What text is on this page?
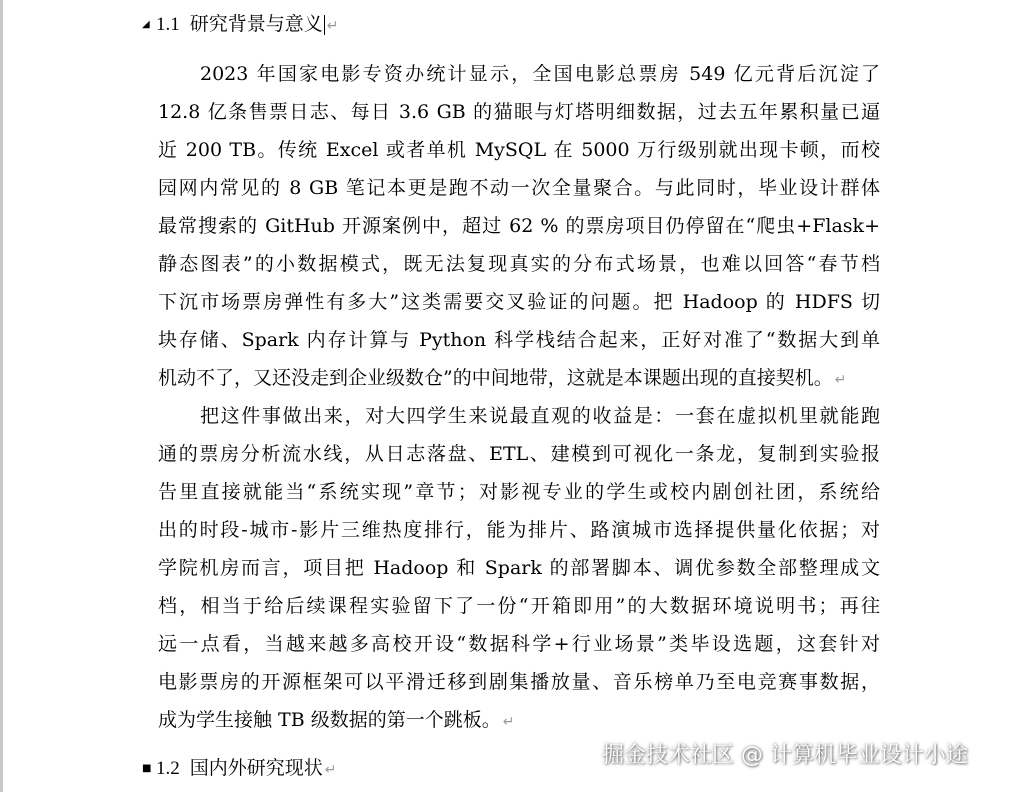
◢ 1.1 研究背景与意义 ↵
2023 年国家电影专资办统计显示，全国电影总票房 549 亿元背后沉淀了
12.8 亿条售票日志、每日 3.6 GB 的猫眼与灯塔明细数据，过去五年累积量已逼
近 200 TB。传统 Excel 或者单机 MySQL 在 5000 万行级别就出现卡顿，而校
园网内常见的 8 GB 笔记本更是跑不动一次全量聚合。与此同时，毕业设计群体
最常搜索的 GitHub 开源案例中，超过 62 % 的票房项目仍停留在“爬虫+Flask+
静态图表”的小数据模式，既无法复现真实的分布式场景，也难以回答“春节档
下沉市场票房弹性有多大”这类需要交叉验证的问题。把 Hadoop 的 HDFS 切
块存储、Spark 内存计算与 Python 科学栈结合起来，正好对准了“数据大到单
机动不了，又还没走到企业级数仓”的中间地带，这就是本课题出现的直接契机。 ↵
把这件事做出来，对大四学生来说最直观的收益是：一套在虚拟机里就能跑
通的票房分析流水线，从日志落盘、ETL、建模到可视化一条龙，复制到实验报
告里直接就能当“系统实现”章节；对影视专业的学生或校内剧创社团，系统给
出的时段-城市-影片三维热度排行，能为排片、路演城市选择提供量化依据；对
学院机房而言，项目把 Hadoop 和 Spark 的部署脚本、调优参数全部整理成文
档，相当于给后续课程实验留下了一份“开箱即用”的大数据环境说明书；再往
远一点看，当越来越多高校开设“数据科学+行业场景”类毕设选题，这套针对
电影票房的开源框架可以平滑迁移到剧集播放量、音乐榜单乃至电竞赛事数据，
成为学生接触 TB 级数据的第一个跳板。 ↵
■ 1.2 国内外研究现状 ↵
掘金技术社区 @ 计算机毕业设计小途
